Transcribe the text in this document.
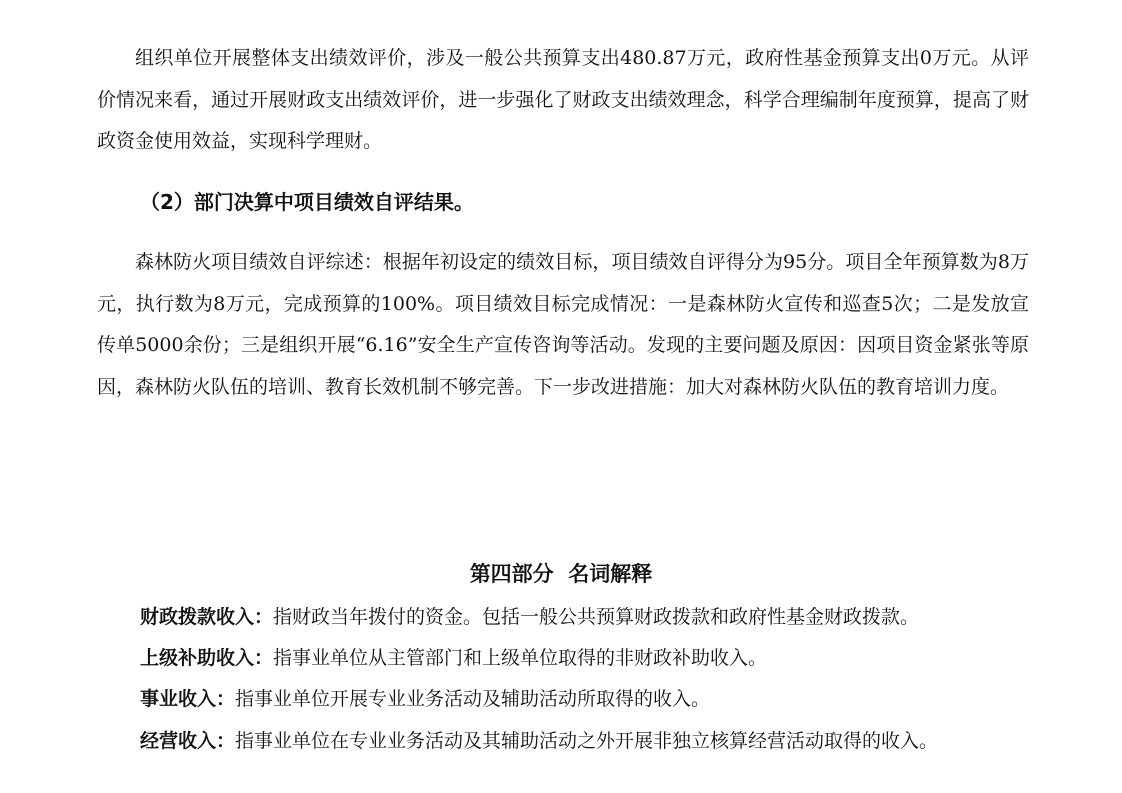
组织单位开展整体支出绩效评价，涉及一般公共预算支出480.87万元，政府性基金预算支出0万元。从评价情况来看，通过开展财政支出绩效评价，进一步强化了财政支出绩效理念，科学合理编制年度预算，提高了财政资金使用效益，实现科学理财。

（2）部门决算中项目绩效自评结果。

森林防火项目绩效自评综述：根据年初设定的绩效目标，项目绩效自评得分为95分。项目全年预算数为8万元，执行数为8万元，完成预算的100%。项目绩效目标完成情况：一是森林防火宣传和巡查5次；二是发放宣传单5000余份；三是组织开展“6.16”安全生产宣传咨询等活动。发现的主要问题及原因：因项目资金紧张等原因，森林防火队伍的培训、教育长效机制不够完善。下一步改进措施：加大对森林防火队伍的教育培训力度。

第四部分  名词解释

财政拨款收入：指财政当年拨付的资金。包括一般公共预算财政拨款和政府性基金财政拨款。

上级补助收入：指事业单位从主管部门和上级单位取得的非财政补助收入。

事业收入：指事业单位开展专业业务活动及辅助活动所取得的收入。

经营收入：指事业单位在专业业务活动及其辅助活动之外开展非独立核算经营活动取得的收入。
